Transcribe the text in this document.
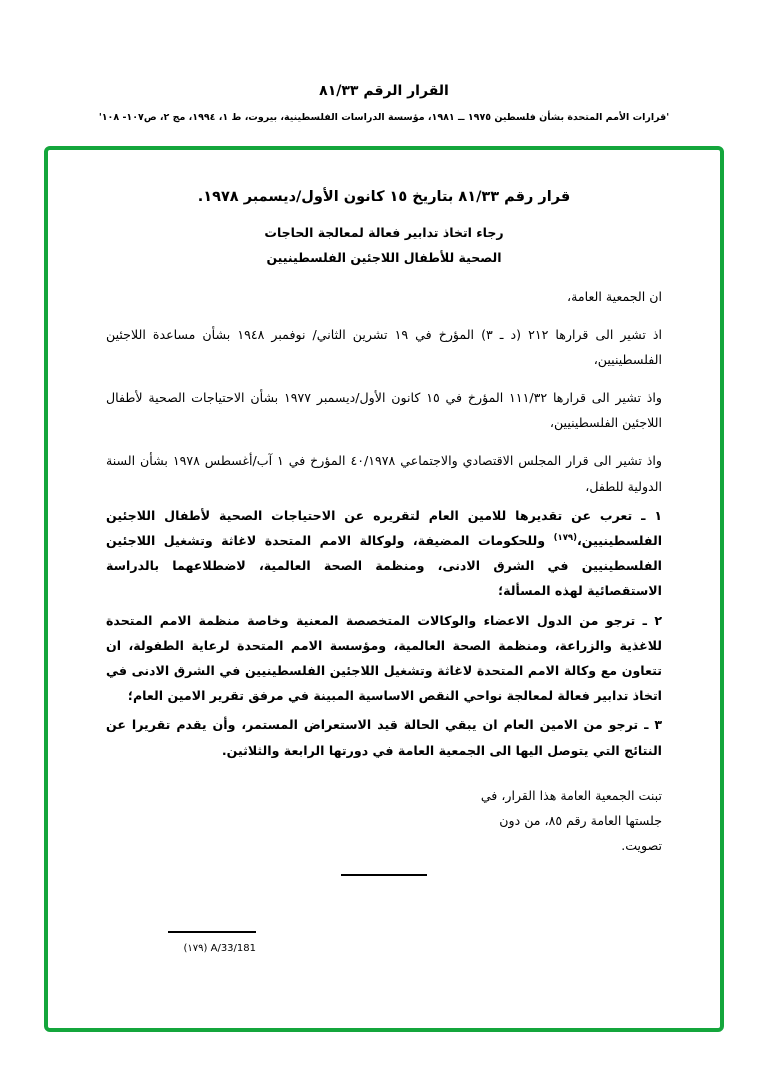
القرار الرقم ٨١/٣٣
'قرارات الأمم المتحدة بشأن فلسطين ١٩٧٥ ــ ١٩٨١، مؤسسة الدراسات الفلسطينية، بيروت، ط ١، ١٩٩٤، مج ٢، ص١٠٧- ١٠٨'
قرار رقم ٨١/٣٣ بتاريخ ١٥ كانون الأول/ديسمبر ١٩٧٨.
رجاء اتخاذ تدابير فعالة لمعالجة الحاجات
الصحية للأطفال اللاجئين الفلسطينيين

ان الجمعية العامة،

اذ تشير الى قرارها ٢١٢ (د ـ ٣) المؤرخ في ١٩ تشرين الثاني/ نوفمبر ١٩٤٨ بشأن مساعدة اللاجئين الفلسطينيين،

واذ تشير الى قرارها ١١١/٣٢ المؤرخ في ١٥ كانون الأول/ديسمبر ١٩٧٧ بشأن الاحتياجات الصحية لأطفال اللاجئين الفلسطينيين،

واذ تشير الى قرار المجلس الاقتصادي والاجتماعي ٤٠/١٩٧٨ المؤرخ في ١ آب/أغسطس ١٩٧٨ بشأن السنة الدولية للطفل،

١ ـ تعرب عن تقديرها للامين العام لتقريره عن الاحتياجات الصحية لأطفال اللاجئين الفلسطينيين،$^{(١٧٩)}$ وللحكومات المضيفة، ولوكالة الامم المتحدة لاغاثة وتشغيل اللاجئين الفلسطينيين في الشرق الادنى، ومنظمة الصحة العالمية، لاضطلاعهما بالدراسة الاستقصائية لهذه المسألة؛

٢ ـ ترجو من الدول الاعضاء والوكالات المتخصصة المعنية وخاصة منظمة الامم المتحدة للاغذية والزراعة، ومنظمة الصحة العالمية، ومؤسسة الامم المتحدة لرعاية الطفولة، ان تتعاون مع وكالة الامم المتحدة لاغاثة وتشغيل اللاجئين الفلسطينيين في الشرق الادنى في اتخاذ تدابير فعالة لمعالجة نواحي النقص الاساسية المبينة في مرفق تقرير الامين العام؛

٣ ـ ترجو من الامين العام ان يبقي الحالة قيد الاستعراض المستمر، وأن يقدم تقريرا عن النتائج التي يتوصل اليها الى الجمعية العامة في دورتها الرابعة والثلاثين.

تبنت الجمعية العامة هذا القرار، في
جلستها العامة رقم ٨٥، من دون
تصويت.
A/33/181 (١٧٩)
